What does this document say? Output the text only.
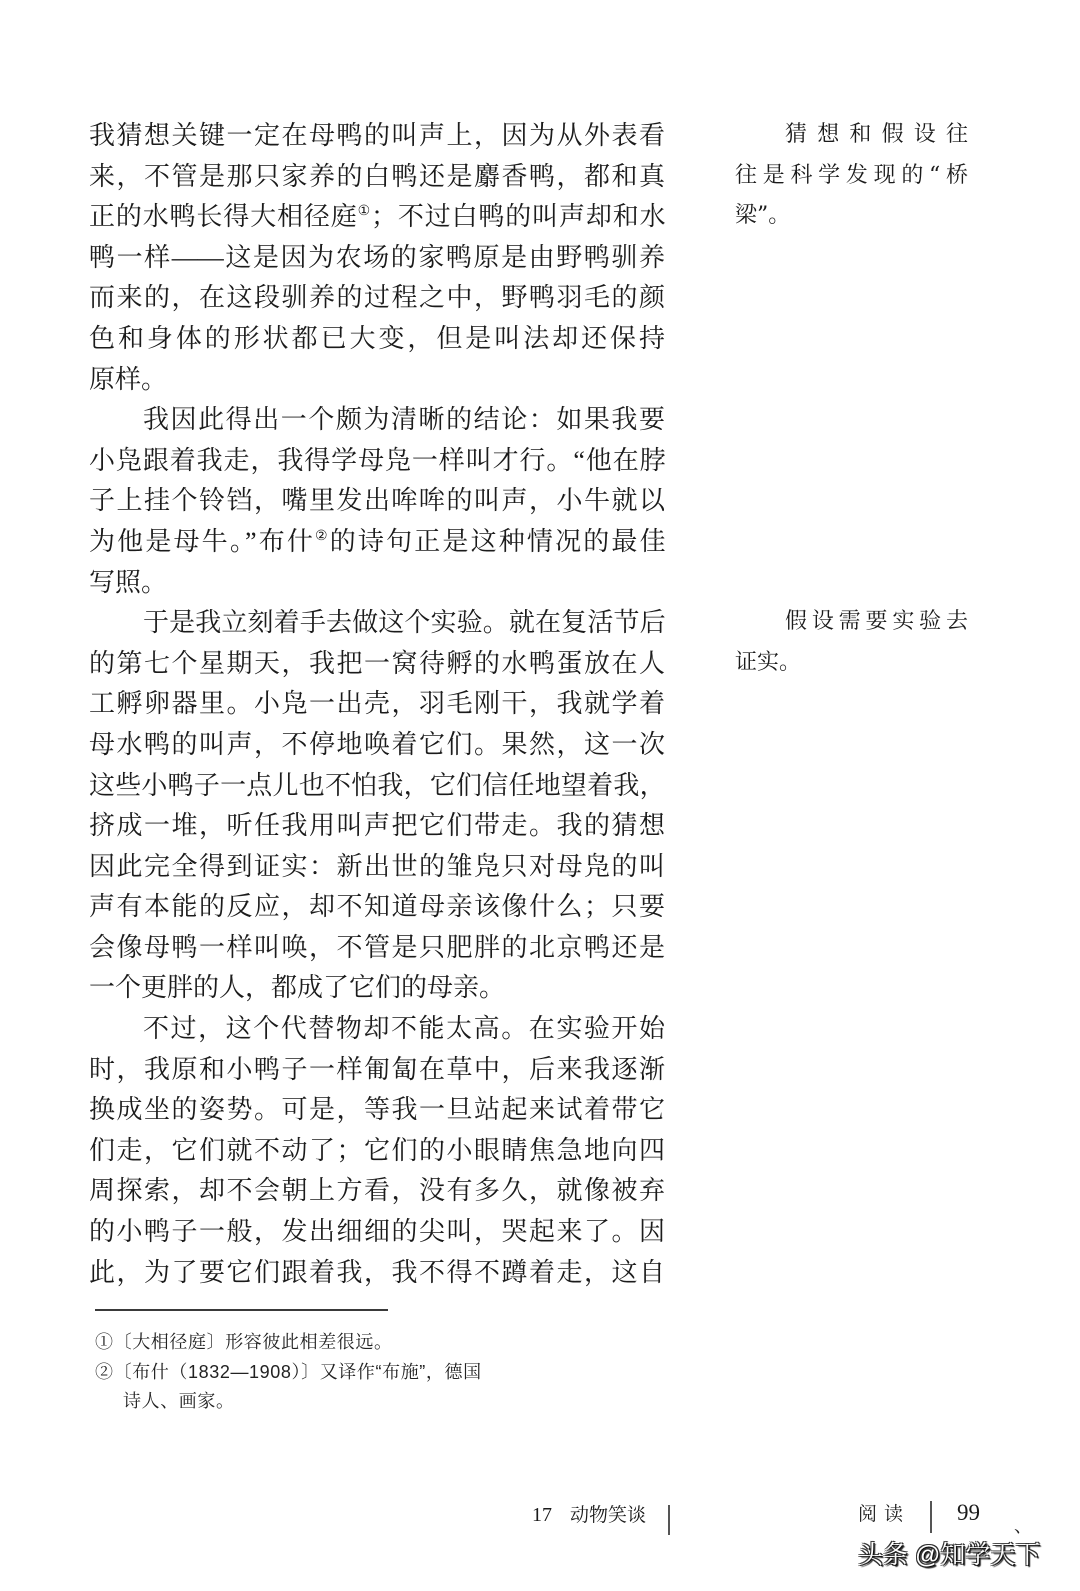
我猜想关键一定在母鸭的叫声上，因为从外表看
来，不管是那只家养的白鸭还是麝香鸭，都和真
正的水鸭长得大相径庭①；不过白鸭的叫声却和水
鸭一样——这是因为农场的家鸭原是由野鸭驯养
而来的，在这段驯养的过程之中，野鸭羽毛的颜
色和身体的形状都已大变，但是叫法却还保持
原样。
我因此得出一个颇为清晰的结论：如果我要
小凫跟着我走，我得学母凫一样叫才行。“他在脖
子上挂个铃铛，嘴里发出哞哞的叫声，小牛就以
为他是母牛。”布什②的诗句正是这种情况的最佳
写照。
于是我立刻着手去做这个实验。就在复活节后
的第七个星期天，我把一窝待孵的水鸭蛋放在人
工孵卵器里。小凫一出壳，羽毛刚干，我就学着
母水鸭的叫声，不停地唤着它们。果然，这一次
这些小鸭子一点儿也不怕我，它们信任地望着我，
挤成一堆，听任我用叫声把它们带走。我的猜想
因此完全得到证实：新出世的雏凫只对母凫的叫
声有本能的反应，却不知道母亲该像什么；只要
会像母鸭一样叫唤，不管是只肥胖的北京鸭还是
一个更胖的人，都成了它们的母亲。
不过，这个代替物却不能太高。在实验开始
时，我原和小鸭子一样匍匐在草中，后来我逐渐
换成坐的姿势。可是，等我一旦站起来试着带它
们走，它们就不动了；它们的小眼睛焦急地向四
周探索，却不会朝上方看，没有多久，就像被弃
的小鸭子一般，发出细细的尖叫，哭起来了。因
此，为了要它们跟着我，我不得不蹲着走，这自
猜想和假设往
往是科学发现的“桥
梁”。
假设需要实验去
证实。
①〔大相径庭〕形容彼此相差很远。
②〔布什（1832—1908）〕又译作“布施”，德国
诗人、画家。
17 动物笑谈	阅读 99
、
头条 @知学天下
